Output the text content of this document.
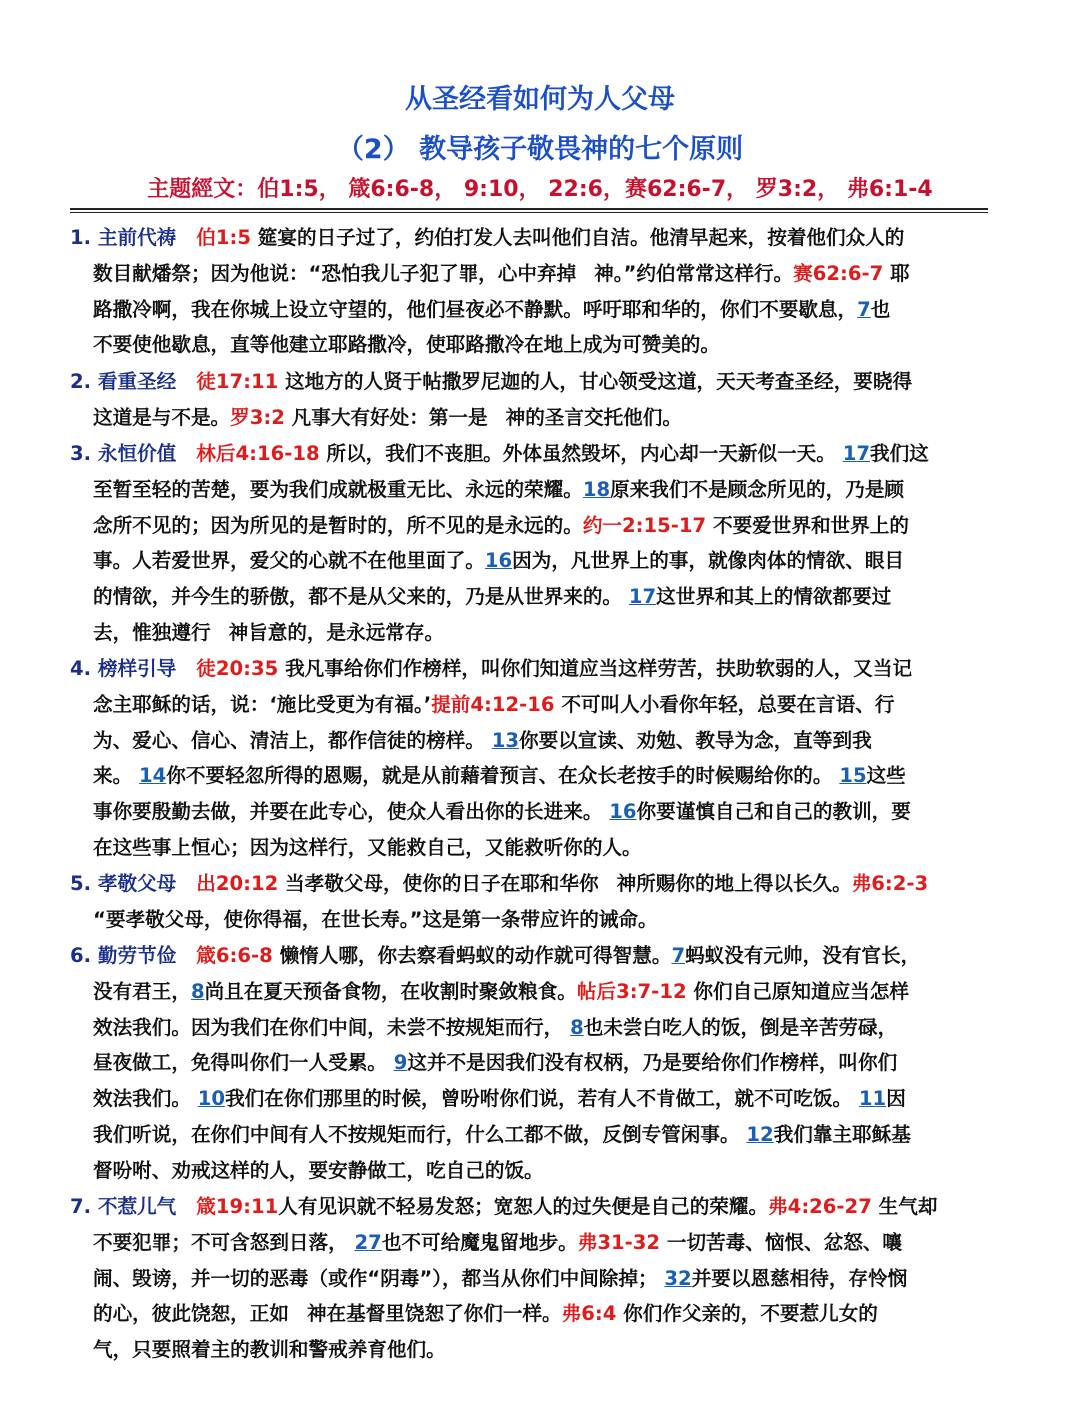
从圣经看如何为人父母
（2） 教导孩子敬畏神的七个原则
主题經文：伯1:5， 箴6:6-8， 9:10， 22:6，赛62:6-7， 罗3:2， 弗6:1-4
1. 主前代祷 伯1:5 筵宴的日子过了，约伯打发人去叫他们自洁。他清早起来，按着他们众人的
数目献燔祭；因为他说：“恐怕我儿子犯了罪，心中弃掉 神。”约伯常常这样行。赛62:6-7 耶
路撒冷啊，我在你城上设立守望的，他们昼夜必不静默。呼吁耶和华的，你们不要歇息，7也
不要使他歇息，直等他建立耶路撒冷，使耶路撒冷在地上成为可赞美的。
2. 看重圣经 徒17:11 这地方的人贤于帖撒罗尼迦的人，甘心领受这道，天天考查圣经，要晓得
这道是与不是。罗3:2 凡事大有好处：第一是 神的圣言交托他们。
3. 永恒价值 林后4:16-18 所以，我们不丧胆。外体虽然毁坏，内心却一天新似一天。 17我们这
至暂至轻的苦楚，要为我们成就极重无比、永远的荣耀。18原来我们不是顾念所见的，乃是顾
念所不见的；因为所见的是暂时的，所不见的是永远的。约一2:15-17 不要爱世界和世界上的
事。人若爱世界，爱父的心就不在他里面了。16因为，凡世界上的事，就像肉体的情欲、眼目
的情欲，并今生的骄傲，都不是从父来的，乃是从世界来的。 17这世界和其上的情欲都要过
去，惟独遵行 神旨意的，是永远常存。
4. 榜样引导 徒20:35 我凡事给你们作榜样，叫你们知道应当这样劳苦，扶助软弱的人，又当记
念主耶稣的话，说：‘施比受更为有福。’提前4:12-16 不可叫人小看你年轻，总要在言语、行
为、爱心、信心、清洁上，都作信徒的榜样。 13你要以宣读、劝勉、教导为念，直等到我
来。 14你不要轻忽所得的恩赐，就是从前藉着预言、在众长老按手的时候赐给你的。 15这些
事你要殷勤去做，并要在此专心，使众人看出你的长进来。 16你要谨慎自己和自己的教训，要
在这些事上恒心；因为这样行，又能救自己，又能救听你的人。
5. 孝敬父母 出20:12 当孝敬父母，使你的日子在耶和华你 神所赐你的地上得以长久。弗6:2-3
“要孝敬父母，使你得福，在世长寿。”这是第一条带应许的诫命。
6. 勤劳节俭 箴6:6-8 懒惰人哪，你去察看蚂蚁的动作就可得智慧。7蚂蚁没有元帅，没有官长，
没有君王，8尚且在夏天预备食物，在收割时聚敛粮食。帖后3:7-12 你们自己原知道应当怎样
效法我们。因为我们在你们中间，未尝不按规矩而行， 8也未尝白吃人的饭，倒是辛苦劳碌，
昼夜做工，免得叫你们一人受累。 9这并不是因我们没有权柄，乃是要给你们作榜样，叫你们
效法我们。 10我们在你们那里的时候，曾吩咐你们说，若有人不肯做工，就不可吃饭。 11因
我们听说，在你们中间有人不按规矩而行，什么工都不做，反倒专管闲事。 12我们靠主耶稣基
督吩咐、劝戒这样的人，要安静做工，吃自己的饭。
7. 不惹儿气 箴19:11人有见识就不轻易发怒；宽恕人的过失便是自己的荣耀。弗4:26-27 生气却
不要犯罪；不可含怒到日落， 27也不可给魔鬼留地步。弗31-32 一切苦毒、恼恨、忿怒、嚷
闹、毁谤，并一切的恶毒（或作“阴毒”），都当从你们中间除掉； 32并要以恩慈相待，存怜悯
的心，彼此饶恕，正如 神在基督里饶恕了你们一样。弗6:4 你们作父亲的，不要惹儿女的
气，只要照着主的教训和警戒养育他们。
